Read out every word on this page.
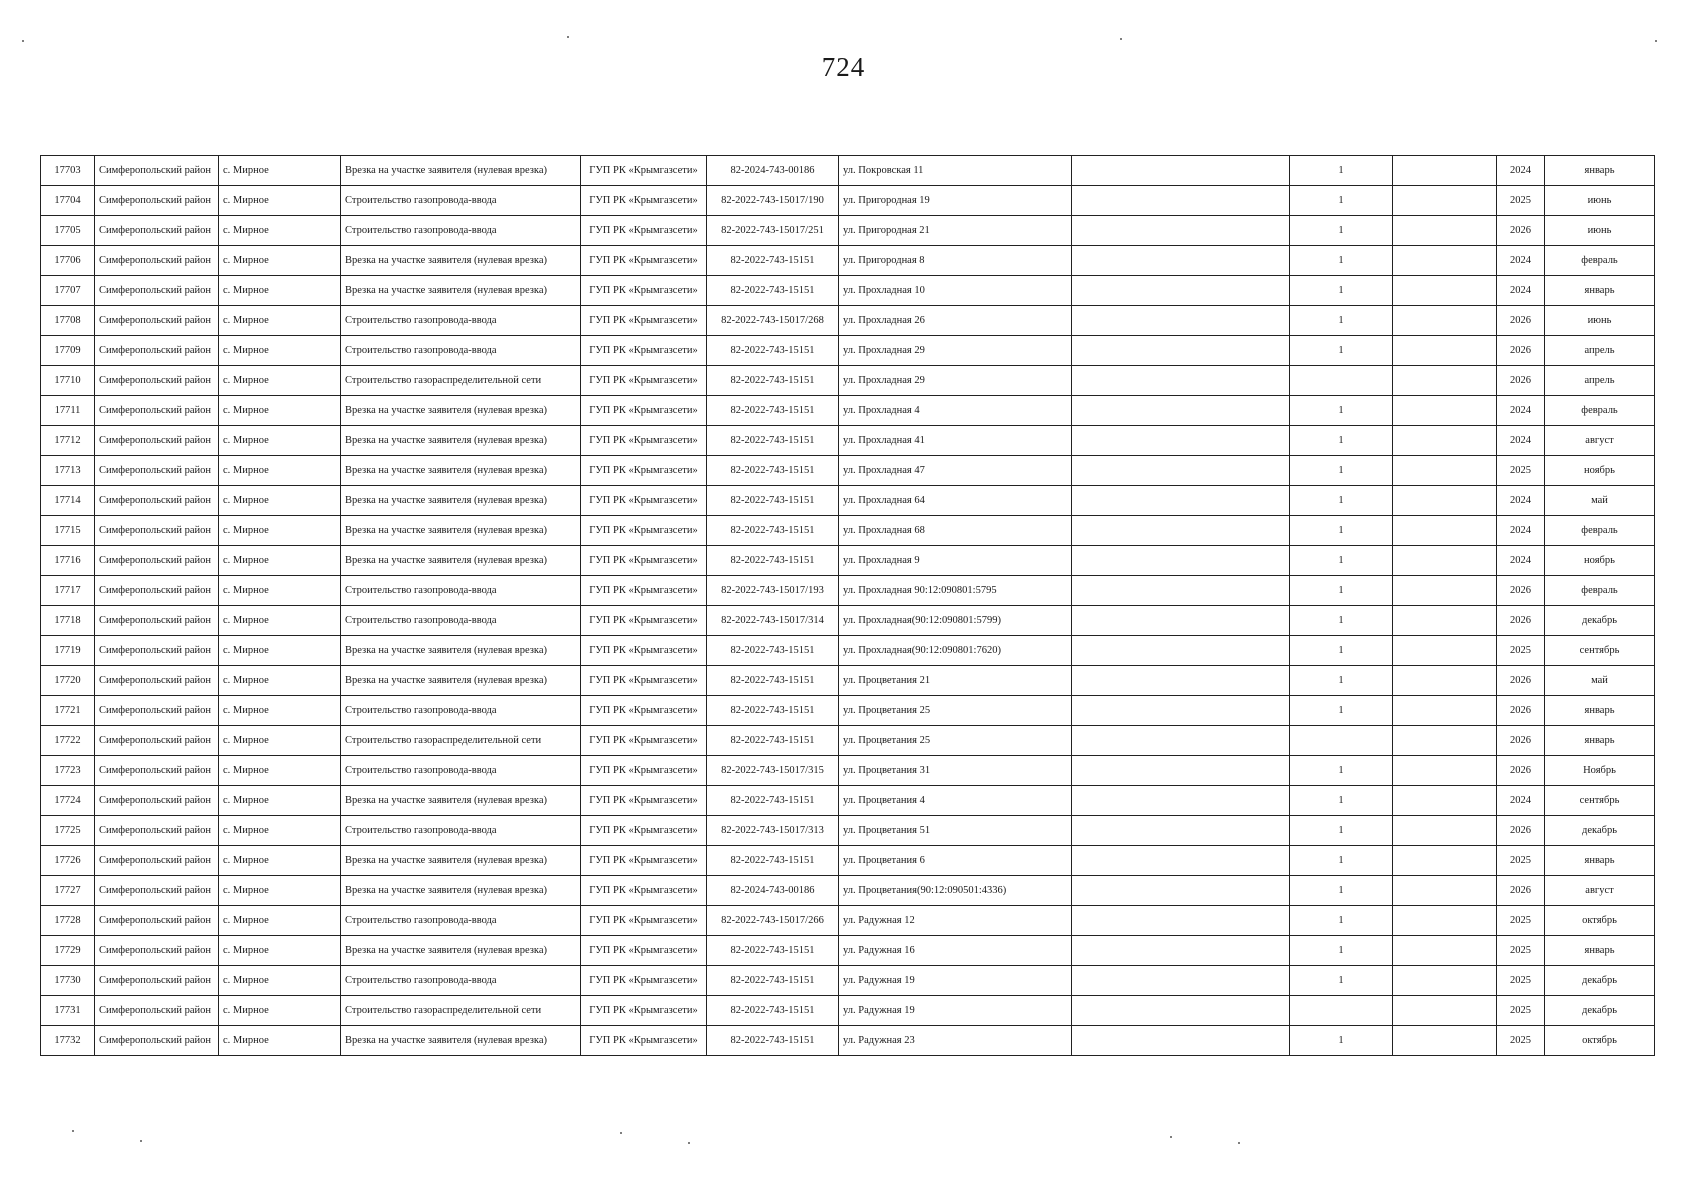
724
17703	Симферопольский район	с. Мирное	Врезка на участке заявителя (нулевая врезка)	ГУП РК «Крымгазсети»	82-2024-743-00186	ул. Покровская 11		1		2024	январь
17704	Симферопольский район	с. Мирное	Строительство газопровода-ввода	ГУП РК «Крымгазсети»	82-2022-743-15017/190	ул. Пригородная 19		1		2025	июнь
17705	Симферопольский район	с. Мирное	Строительство газопровода-ввода	ГУП РК «Крымгазсети»	82-2022-743-15017/251	ул. Пригородная 21		1		2026	июнь
17706	Симферопольский район	с. Мирное	Врезка на участке заявителя (нулевая врезка)	ГУП РК «Крымгазсети»	82-2022-743-15151	ул. Пригородная 8		1		2024	февраль
17707	Симферопольский район	с. Мирное	Врезка на участке заявителя (нулевая врезка)	ГУП РК «Крымгазсети»	82-2022-743-15151	ул. Прохладная 10		1		2024	январь
17708	Симферопольский район	с. Мирное	Строительство газопровода-ввода	ГУП РК «Крымгазсети»	82-2022-743-15017/268	ул. Прохладная 26		1		2026	июнь
17709	Симферопольский район	с. Мирное	Строительство газопровода-ввода	ГУП РК «Крымгазсети»	82-2022-743-15151	ул. Прохладная 29		1		2026	апрель
17710	Симферопольский район	с. Мирное	Строительство газораспределительной сети	ГУП РК «Крымгазсети»	82-2022-743-15151	ул. Прохладная 29				2026	апрель
17711	Симферопольский район	с. Мирное	Врезка на участке заявителя (нулевая врезка)	ГУП РК «Крымгазсети»	82-2022-743-15151	ул. Прохладная 4		1		2024	февраль
17712	Симферопольский район	с. Мирное	Врезка на участке заявителя (нулевая врезка)	ГУП РК «Крымгазсети»	82-2022-743-15151	ул. Прохладная 41		1		2024	август
17713	Симферопольский район	с. Мирное	Врезка на участке заявителя (нулевая врезка)	ГУП РК «Крымгазсети»	82-2022-743-15151	ул. Прохладная 47		1		2025	ноябрь
17714	Симферопольский район	с. Мирное	Врезка на участке заявителя (нулевая врезка)	ГУП РК «Крымгазсети»	82-2022-743-15151	ул. Прохладная 64		1		2024	май
17715	Симферопольский район	с. Мирное	Врезка на участке заявителя (нулевая врезка)	ГУП РК «Крымгазсети»	82-2022-743-15151	ул. Прохладная 68		1		2024	февраль
17716	Симферопольский район	с. Мирное	Врезка на участке заявителя (нулевая врезка)	ГУП РК «Крымгазсети»	82-2022-743-15151	ул. Прохладная 9		1		2024	ноябрь
17717	Симферопольский район	с. Мирное	Строительство газопровода-ввода	ГУП РК «Крымгазсети»	82-2022-743-15017/193	ул. Прохладная 90:12:090801:5795		1		2026	февраль
17718	Симферопольский район	с. Мирное	Строительство газопровода-ввода	ГУП РК «Крымгазсети»	82-2022-743-15017/314	ул. Прохладная(90:12:090801:5799)		1		2026	декабрь
17719	Симферопольский район	с. Мирное	Врезка на участке заявителя (нулевая врезка)	ГУП РК «Крымгазсети»	82-2022-743-15151	ул. Прохладная(90:12:090801:7620)		1		2025	сентябрь
17720	Симферопольский район	с. Мирное	Врезка на участке заявителя (нулевая врезка)	ГУП РК «Крымгазсети»	82-2022-743-15151	ул. Процветания 21		1		2026	май
17721	Симферопольский район	с. Мирное	Строительство газопровода-ввода	ГУП РК «Крымгазсети»	82-2022-743-15151	ул. Процветания 25		1		2026	январь
17722	Симферопольский район	с. Мирное	Строительство газораспределительной сети	ГУП РК «Крымгазсети»	82-2022-743-15151	ул. Процветания 25				2026	январь
17723	Симферопольский район	с. Мирное	Строительство газопровода-ввода	ГУП РК «Крымгазсети»	82-2022-743-15017/315	ул. Процветания 31		1		2026	Ноябрь
17724	Симферопольский район	с. Мирное	Врезка на участке заявителя (нулевая врезка)	ГУП РК «Крымгазсети»	82-2022-743-15151	ул. Процветания 4		1		2024	сентябрь
17725	Симферопольский район	с. Мирное	Строительство газопровода-ввода	ГУП РК «Крымгазсети»	82-2022-743-15017/313	ул. Процветания 51		1		2026	декабрь
17726	Симферопольский район	с. Мирное	Врезка на участке заявителя (нулевая врезка)	ГУП РК «Крымгазсети»	82-2022-743-15151	ул. Процветания 6		1		2025	январь
17727	Симферопольский район	с. Мирное	Врезка на участке заявителя (нулевая врезка)	ГУП РК «Крымгазсети»	82-2024-743-00186	ул. Процветания(90:12:090501:4336)		1		2026	август
17728	Симферопольский район	с. Мирное	Строительство газопровода-ввода	ГУП РК «Крымгазсети»	82-2022-743-15017/266	ул. Радужная 12		1		2025	октябрь
17729	Симферопольский район	с. Мирное	Врезка на участке заявителя (нулевая врезка)	ГУП РК «Крымгазсети»	82-2022-743-15151	ул. Радужная 16		1		2025	январь
17730	Симферопольский район	с. Мирное	Строительство газопровода-ввода	ГУП РК «Крымгазсети»	82-2022-743-15151	ул. Радужная 19		1		2025	декабрь
17731	Симферопольский район	с. Мирное	Строительство газораспределительной сети	ГУП РК «Крымгазсети»	82-2022-743-15151	ул. Радужная 19				2025	декабрь
17732	Симферопольский район	с. Мирное	Врезка на участке заявителя (нулевая врезка)	ГУП РК «Крымгазсети»	82-2022-743-15151	ул. Радужная 23		1		2025	октябрь
